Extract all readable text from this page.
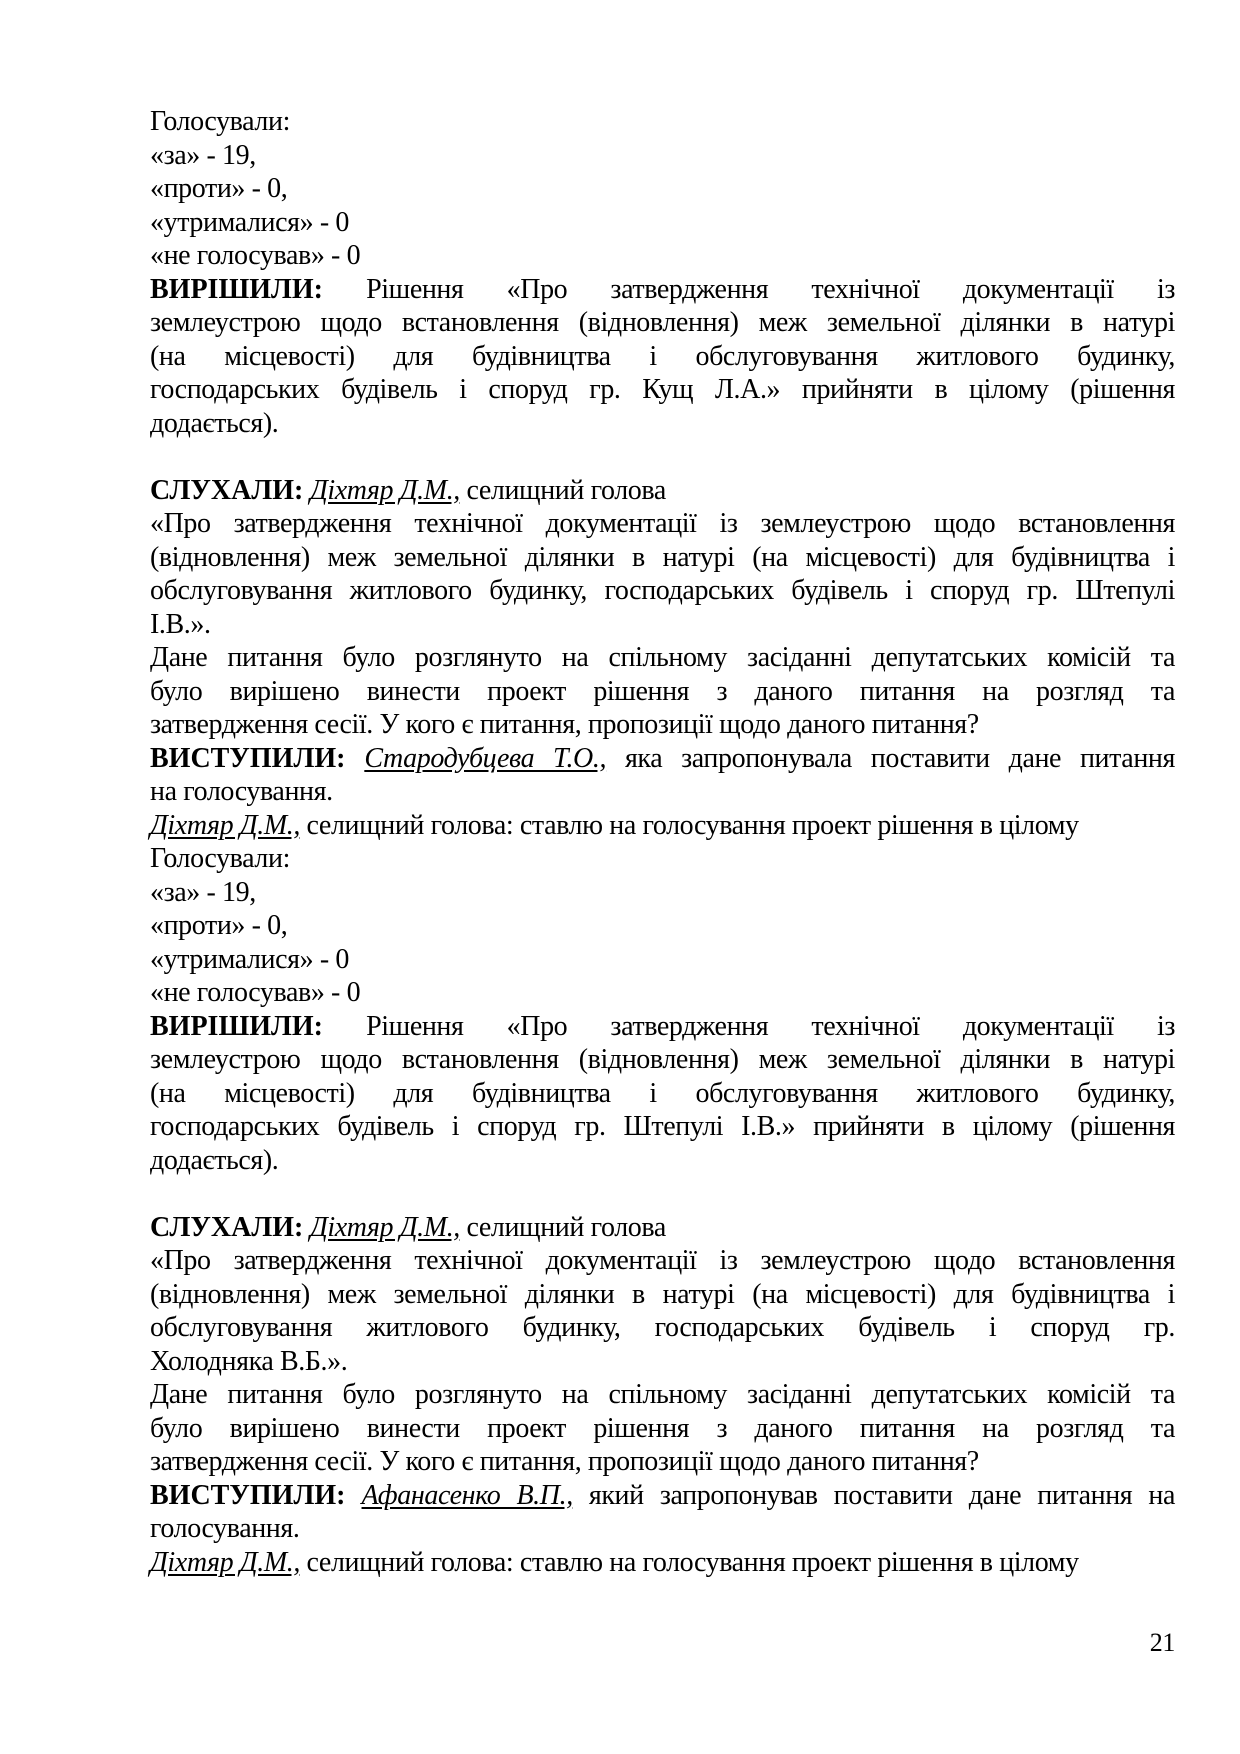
Голосували:
«за» - 19,
«проти» - 0,
«утрималися» - 0
«не голосував» - 0
ВИРІШИЛИ: Рішення «Про затвердження технічної документації із
землеустрою щодо встановлення (відновлення) меж земельної ділянки в натурі
(на місцевості) для будівництва і обслуговування житлового будинку,
господарських будівель і споруд гр. Кущ Л.А.» прийняти в цілому (рішення
додається).
СЛУХАЛИ: Діхтяр Д.М., селищний голова
«Про затвердження технічної документації із землеустрою щодо встановлення
(відновлення) меж земельної ділянки в натурі (на місцевості) для будівництва і
обслуговування житлового будинку, господарських будівель і споруд гр. Штепулі
І.В.».
Дане питання було розглянуто на спільному засіданні депутатських комісій та
було вирішено винести проект рішення з даного питання на розгляд та
затвердження сесії. У кого є питання, пропозиції щодо даного питання?
ВИСТУПИЛИ: Стародубцева Т.О., яка запропонувала поставити дане питання
на голосування.
Діхтяр Д.М., селищний голова: ставлю на голосування проект рішення в цілому
Голосували:
«за» - 19,
«проти» - 0,
«утрималися» - 0
«не голосував» - 0
ВИРІШИЛИ: Рішення «Про затвердження технічної документації із
землеустрою щодо встановлення (відновлення) меж земельної ділянки в натурі
(на місцевості) для будівництва і обслуговування житлового будинку,
господарських будівель і споруд гр. Штепулі І.В.» прийняти в цілому (рішення
додається).
СЛУХАЛИ: Діхтяр Д.М., селищний голова
«Про затвердження технічної документації із землеустрою щодо встановлення
(відновлення) меж земельної ділянки в натурі (на місцевості) для будівництва і
обслуговування житлового будинку, господарських будівель і споруд гр.
Холодняка В.Б.».
Дане питання було розглянуто на спільному засіданні депутатських комісій та
було вирішено винести проект рішення з даного питання на розгляд та
затвердження сесії. У кого є питання, пропозиції щодо даного питання?
ВИСТУПИЛИ: Афанасенко В.П., який запропонував поставити дане питання на
голосування.
Діхтяр Д.М., селищний голова: ставлю на голосування проект рішення в цілому
21
